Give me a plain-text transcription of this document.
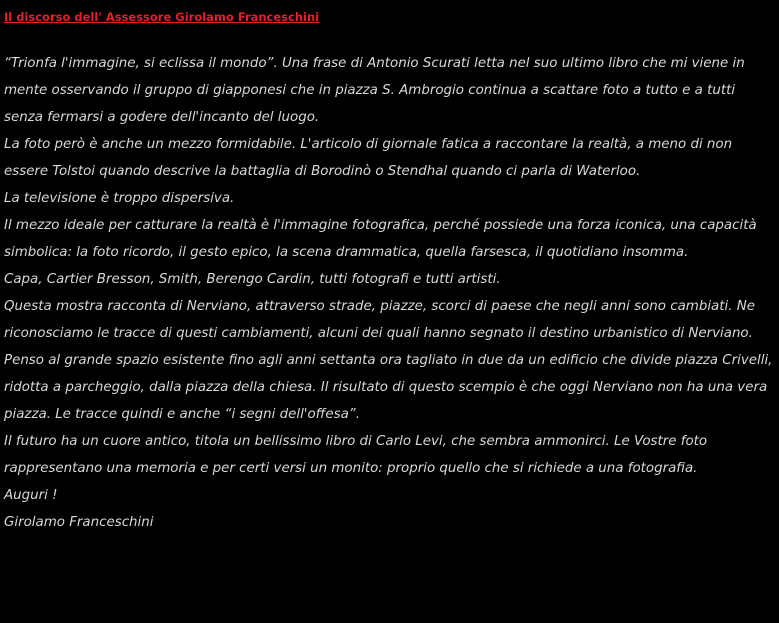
Il discorso dell' Assessore Girolamo Franceschini

“Trionfa l'immagine, si eclissa il mondo”. Una frase di Antonio Scurati letta nel suo ultimo libro che mi viene in mente osservando il gruppo di giapponesi che in piazza S. Ambrogio continua a scattare foto a tutto e a tutti senza fermarsi a godere dell'incanto del luogo.

La foto però è anche un mezzo formidabile. L'articolo di giornale fatica a raccontare la realtà, a meno di non essere Tolstoi quando descrive la battaglia di Borodinò o Stendhal quando ci parla di Waterloo.

La televisione è troppo dispersiva.

Il mezzo ideale per catturare la realtà è l'immagine fotografica, perché possiede una forza iconica, una capacità simbolica: la foto ricordo, il gesto epico, la scena drammatica, quella farsesca, il quotidiano insomma.

Capa, Cartier Bresson, Smith, Berengo Cardin, tutti fotografi e tutti artisti.

Questa mostra racconta di Nerviano, attraverso strade, piazze, scorci di paese che negli anni sono cambiati. Ne riconosciamo le tracce di questi cambiamenti, alcuni dei quali hanno segnato il destino urbanistico di Nerviano. Penso al grande spazio esistente fino agli anni settanta ora tagliato in due da un edificio che divide piazza Crivelli, ridotta a parcheggio, dalla piazza della chiesa. Il risultato di questo scempio è che oggi Nerviano non ha una vera piazza. Le tracce quindi e anche “i segni dell'offesa”.

Il futuro ha un cuore antico, titola un bellissimo libro di Carlo Levi, che sembra ammonirci. Le Vostre foto rappresentano una memoria e per certi versi un monito: proprio quello che si richiede a una fotografia.

Auguri !

Girolamo Franceschini
